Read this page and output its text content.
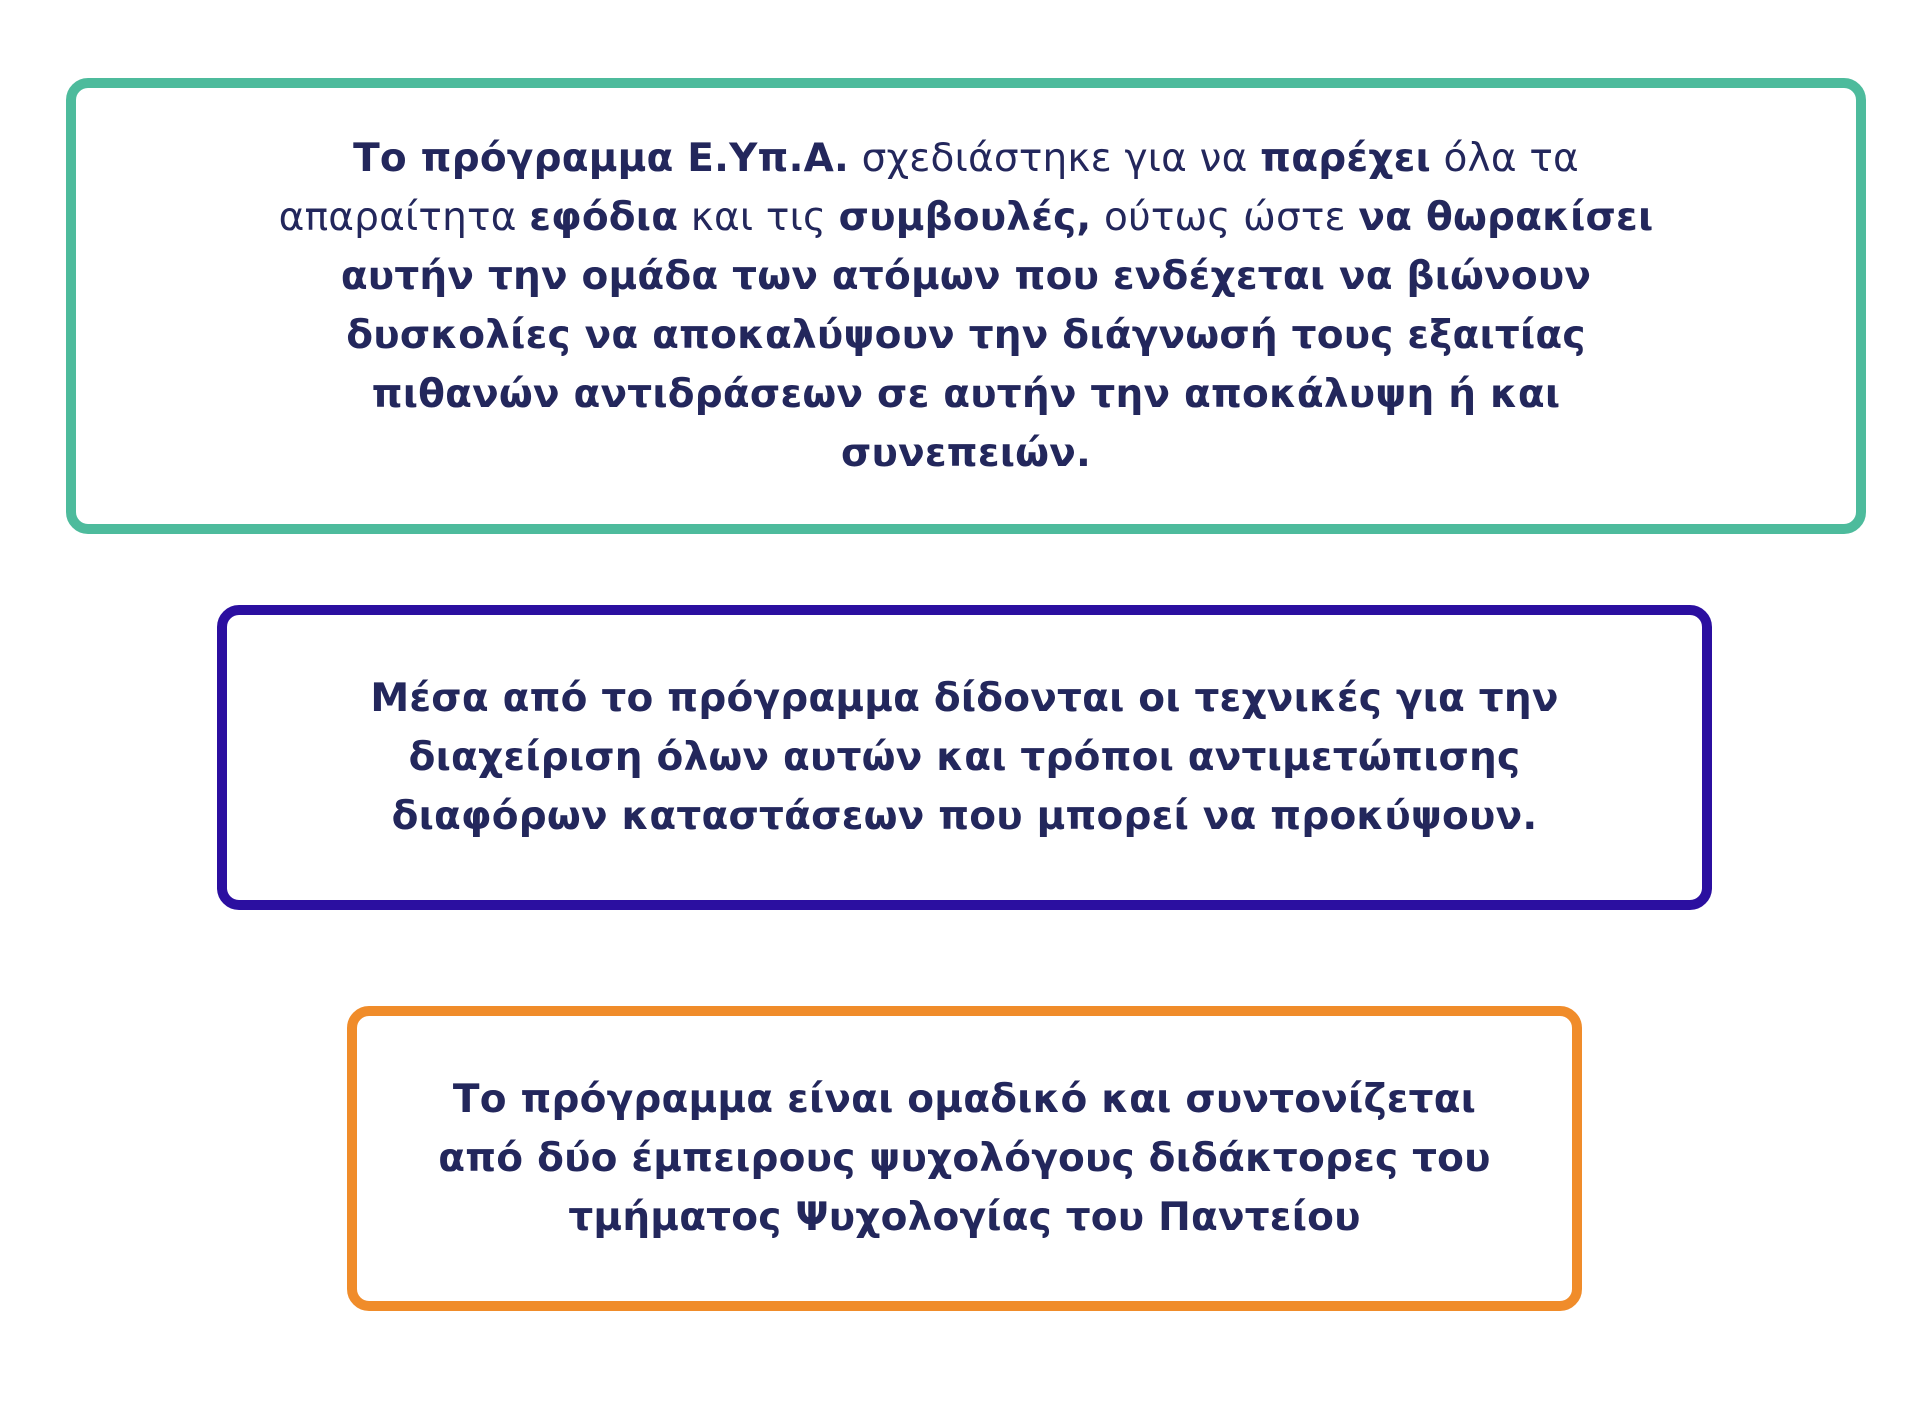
Το πρόγραμμα Ε.Υπ.Α. σχεδιάστηκε για να παρέχει όλα τα απαραίτητα εφόδια και τις συμβουλές, ούτως ώστε να θωρακίσει αυτήν την ομάδα των ατόμων που ενδέχεται να βιώνουν δυσκολίες να αποκαλύψουν την διάγνωσή τους εξαιτίας πιθανών αντιδράσεων σε αυτήν την αποκάλυψη ή και συνεπειών.

Μέσα από το πρόγραμμα δίδονται οι τεχνικές για την διαχείριση όλων αυτών και τρόποι αντιμετώπισης διαφόρων καταστάσεων που μπορεί να προκύψουν.

Το πρόγραμμα είναι ομαδικό και συντονίζεται από δύο έμπειρους ψυχολόγους διδάκτορες του τμήματος Ψυχολογίας του Παντείου
